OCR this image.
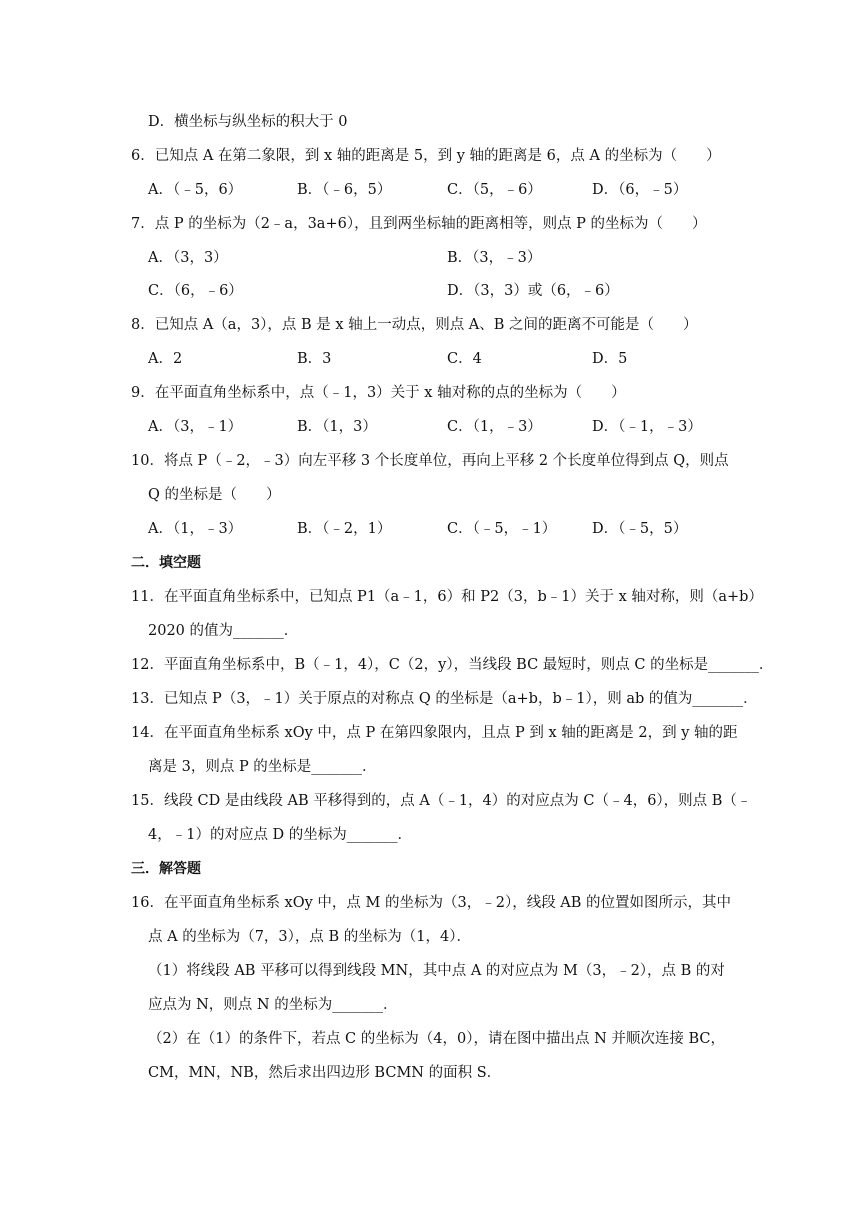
D．横坐标与纵坐标的积大于 0
6．已知点 A 在第二象限，到 x 轴的距离是 5，到 y 轴的距离是 6，点 A 的坐标为（　　）
A．（﹣5，6）	B．（﹣6，5）	C．（5，﹣6）	D．（6，﹣5）
7．点 P 的坐标为（2﹣a，3a+6），且到两坐标轴的距离相等，则点 P 的坐标为（　　）
A．（3，3）	B．（3，﹣3）
C．（6，﹣6）	D．（3，3）或（6，﹣6）
8．已知点 A（a，3），点 B 是 x 轴上一动点，则点 A、B 之间的距离不可能是（　　）
A．2	B．3	C．4	D．5
9．在平面直角坐标系中，点（﹣1，3）关于 x 轴对称的点的坐标为（　　）
A．（3，﹣1）	B．（1，3）	C．（1，﹣3）	D．（﹣1，﹣3）
10．将点 P（﹣2，﹣3）向左平移 3 个长度单位，再向上平移 2 个长度单位得到点 Q，则点
Q 的坐标是（　　）
A．（1，﹣3）	B．（﹣2，1）	C．（﹣5，﹣1） D．（﹣5，5）
二．填空题
11．在平面直角坐标系中，已知点 P1（a﹣1，6）和 P2（3，b﹣1）关于 x 轴对称，则（a+b）
2020 的值为_______．
12．平面直角坐标系中，B（﹣1，4），C（2，y），当线段 BC 最短时，则点 C 的坐标是_______．
13．已知点 P（3，﹣1）关于原点的对称点 Q 的坐标是（a+b，b﹣1），则 ab 的值为_______．
14．在平面直角坐标系 xOy 中，点 P 在第四象限内，且点 P 到 x 轴的距离是 2，到 y 轴的距
离是 3，则点 P 的坐标是_______．
15．线段 CD 是由线段 AB 平移得到的，点 A（﹣1，4）的对应点为 C（﹣4，6），则点 B（﹣
4，﹣1）的对应点 D 的坐标为_______．
三．解答题
16．在平面直角坐标系 xOy 中，点 M 的坐标为（3，﹣2），线段 AB 的位置如图所示，其中
点 A 的坐标为（7，3），点 B 的坐标为（1，4）．
（1）将线段 AB 平移可以得到线段 MN，其中点 A 的对应点为 M（3，﹣2），点 B 的对
应点为 N，则点 N 的坐标为_______．
（2）在（1）的条件下，若点 C 的坐标为（4，0），请在图中描出点 N 并顺次连接 BC，
CM，MN，NB，然后求出四边形 BCMN 的面积 S．
